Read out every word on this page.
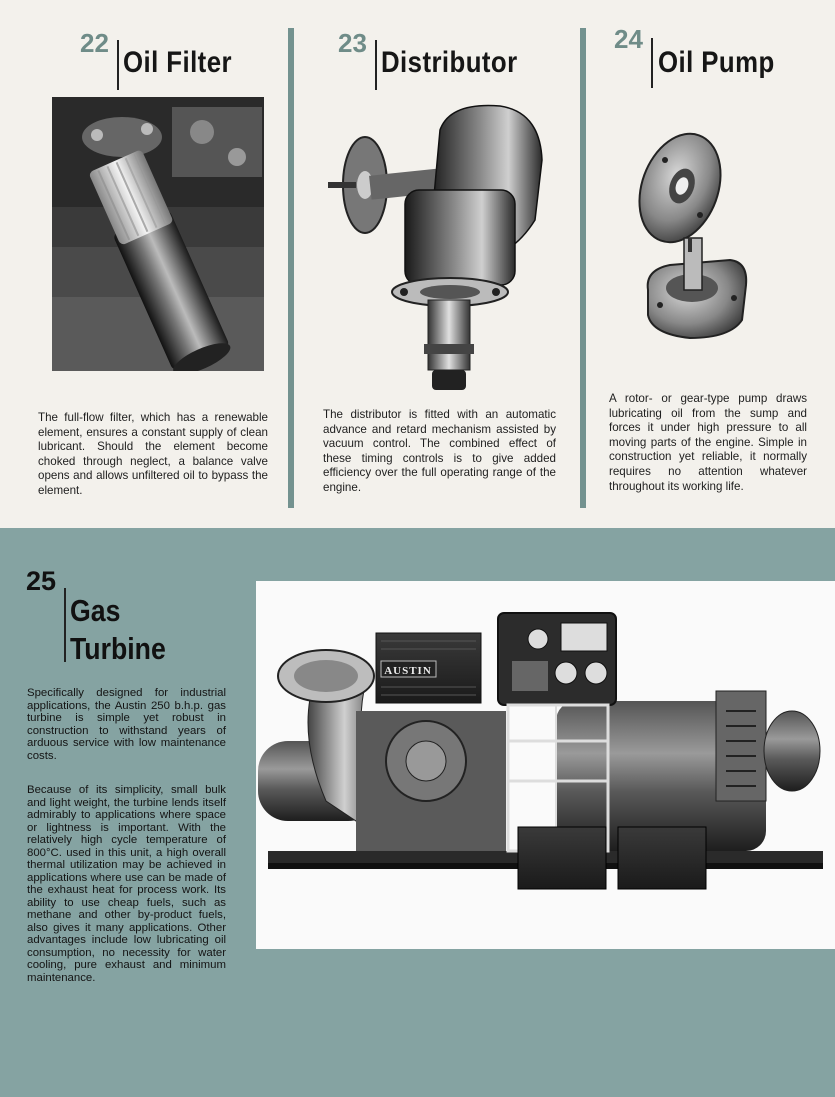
22
Oil Filter
The full-flow filter, which has a renewable element, ensures a constant supply of clean lubricant. Should the element become choked through neglect, a balance valve opens and allows unfiltered oil to bypass the element.
23
Distributor
The distributor is fitted with an automatic advance and retard mechanism assisted by vacuum control. The combined effect of these timing controls is to give added efficiency over the full operating range of the engine.
24
Oil Pump
A rotor- or gear-type pump draws lubricating oil from the sump and forces it under high pressure to all moving parts of the engine. Simple in construction yet reliable, it normally requires no attention whatever throughout its working life.
25
Gas
Turbine
Specifically designed for industrial applications, the Austin 250 b.h.p. gas turbine is simple yet robust in construction to withstand years of arduous service with low maintenance costs.
Because of its simplicity, small bulk and light weight, the turbine lends itself admirably to applications where space or lightness is important. With the relatively high cycle temperature of 800°C. used in this unit, a high overall thermal utilization may be achieved in applications where use can be made of the exhaust heat for process work. Its ability to use cheap fuels, such as methane and other by-product fuels, also gives it many applications. Other advantages include low lubricating oil consumption, no necessity for water cooling, pure exhaust and minimum maintenance.
AUSTIN
